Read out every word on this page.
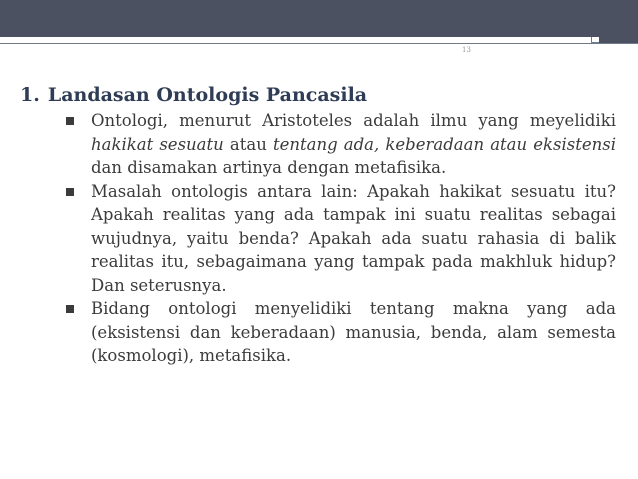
13
1. Landasan Ontologis Pancasila
Ontologi, menurut Aristoteles adalah ilmu yang meyelidiki hakikat sesuatu atau tentang ada, keberadaan atau eksistensi dan disamakan artinya dengan metafisika.
Masalah ontologis antara lain: Apakah hakikat sesuatu itu? Apakah realitas yang ada tampak ini suatu realitas sebagai wujudnya, yaitu benda? Apakah ada suatu rahasia di balik realitas itu, sebagaimana yang tampak pada makhluk hidup? Dan seterusnya.
Bidang ontologi menyelidiki tentang makna yang ada (eksistensi dan keberadaan) manusia, benda, alam semesta (kosmologi), metafisika.
